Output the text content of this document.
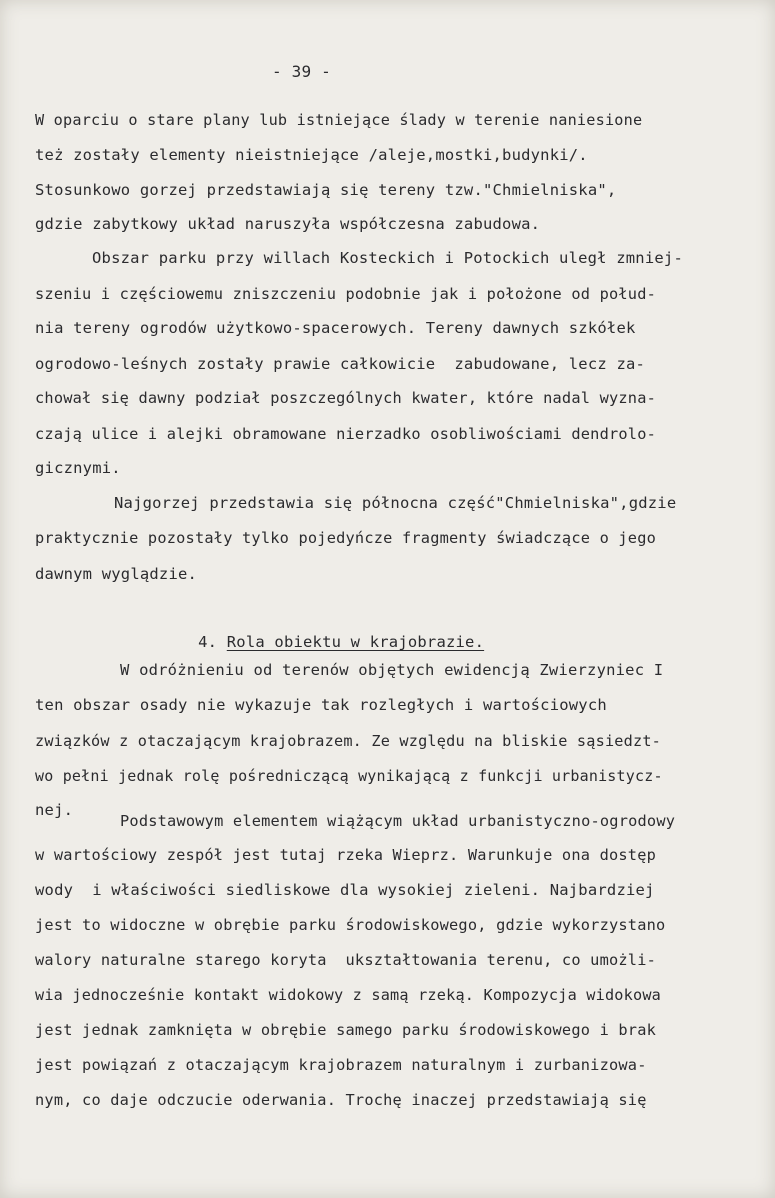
- 39 -
W oparciu o stare plany lub istniejące ślady w terenie naniesione
też zostały elementy nieistniejące /aleje,mostki,budynki/.
Stosunkowo gorzej przedstawiają się tereny tzw."Chmielniska",
gdzie zabytkowy układ naruszyła współczesna zabudowa.
Obszar parku przy willach Kosteckich i Potockich uległ zmniej-
szeniu i częściowemu zniszczeniu podobnie jak i położone od połud-
nia tereny ogrodów użytkowo-spacerowych. Tereny dawnych szkółek
ogrodowo-leśnych zostały prawie całkowicie  zabudowane, lecz za-
chował się dawny podział poszczególnych kwater, które nadal wyzna-
czają ulice i alejki obramowane nierzadko osobliwościami dendrolo-
gicznymi.
Najgorzej przedstawia się północna część"Chmielniska",gdzie
praktycznie pozostały tylko pojedyńcze fragmenty świadczące o jego
dawnym wyglądzie.

4. Rola obiektu w krajobrazie.

W odróżnieniu od terenów objętych ewidencją Zwierzyniec I
ten obszar osady nie wykazuje tak rozległych i wartościowych
związków z otaczającym krajobrazem. Ze względu na bliskie sąsiedzt-
wo pełni jednak rolę pośredniczącą wynikającą z funkcji urbanistycz-
nej.
Podstawowym elementem wiążącym układ urbanistyczno-ogrodowy
w wartościowy zespół jest tutaj rzeka Wieprz. Warunkuje ona dostęp
wody  i właściwości siedliskowe dla wysokiej zieleni. Najbardziej
jest to widoczne w obrębie parku środowiskowego, gdzie wykorzystano
walory naturalne starego koryta  ukształtowania terenu, co umożli-
wia jednocześnie kontakt widokowy z samą rzeką. Kompozycja widokowa
jest jednak zamknięta w obrębie samego parku środowiskowego i brak
jest powiązań z otaczającym krajobrazem naturalnym i zurbanizowa-
nym, co daje odczucie oderwania. Trochę inaczej przedstawiają się
